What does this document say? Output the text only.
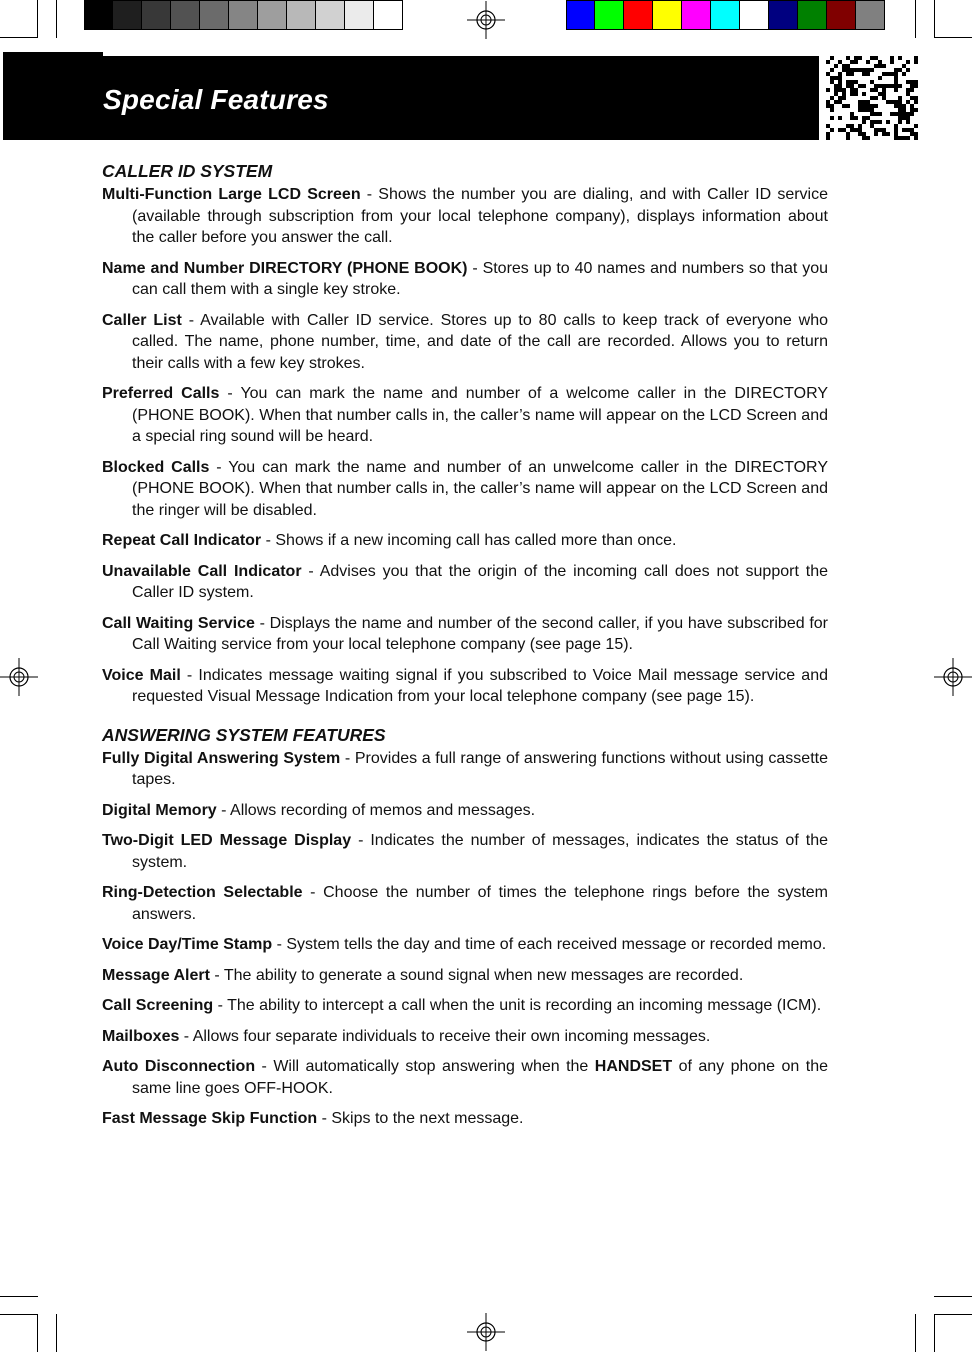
Special Features
CALLER ID SYSTEM

Multi-Function Large LCD Screen - Shows the number you are dialing, and with Caller ID service (available through subscription from your local telephone company), displays information about the caller before you answer the call.

Name and Number DIRECTORY (PHONE BOOK) - Stores up to 40 names and numbers so that you can call them with a single key stroke.

Caller List - Available with Caller ID service. Stores up to 80 calls to keep track of everyone who called. The name, phone number, time, and date of the call are recorded. Allows you to return their calls with a few key strokes.

Preferred Calls - You can mark the name and number of a welcome caller in the DIRECTORY (PHONE BOOK). When that number calls in, the caller’s name will appear on the LCD Screen and a special ring sound will be heard.

Blocked Calls - You can mark the name and number of an unwelcome caller in the DIRECTORY (PHONE BOOK). When that number calls in, the caller’s name will appear on the LCD Screen and the ringer will be disabled.

Repeat Call Indicator - Shows if a new incoming call has called more than once.

Unavailable Call Indicator - Advises you that the origin of the incoming call does not support the Caller ID system.

Call Waiting Service - Displays the name and number of the second caller, if you have subscribed for Call Waiting service from your local telephone company (see page 15).

Voice Mail - Indicates message waiting signal if you subscribed to Voice Mail message service and requested Visual Message Indication from your local telephone company (see page 15).

ANSWERING SYSTEM FEATURES

Fully Digital Answering System - Provides a full range of answering functions without using cassette tapes.

Digital Memory - Allows recording of memos and messages.

Two-Digit LED Message Display - Indicates the number of messages, indicates the status of the system.

Ring-Detection Selectable - Choose the number of times the telephone rings before the system answers.

Voice Day/Time Stamp - System tells the day and time of each received message or recorded memo.

Message Alert - The ability to generate a sound signal when new messages are recorded.

Call Screening - The ability to intercept a call when the unit is recording an incoming message (ICM).

Mailboxes - Allows four separate individuals to receive their own incoming messages.

Auto Disconnection - Will automatically stop answering when the HANDSET of any phone on the same line goes OFF-HOOK.

Fast Message Skip Function - Skips to the next message.
